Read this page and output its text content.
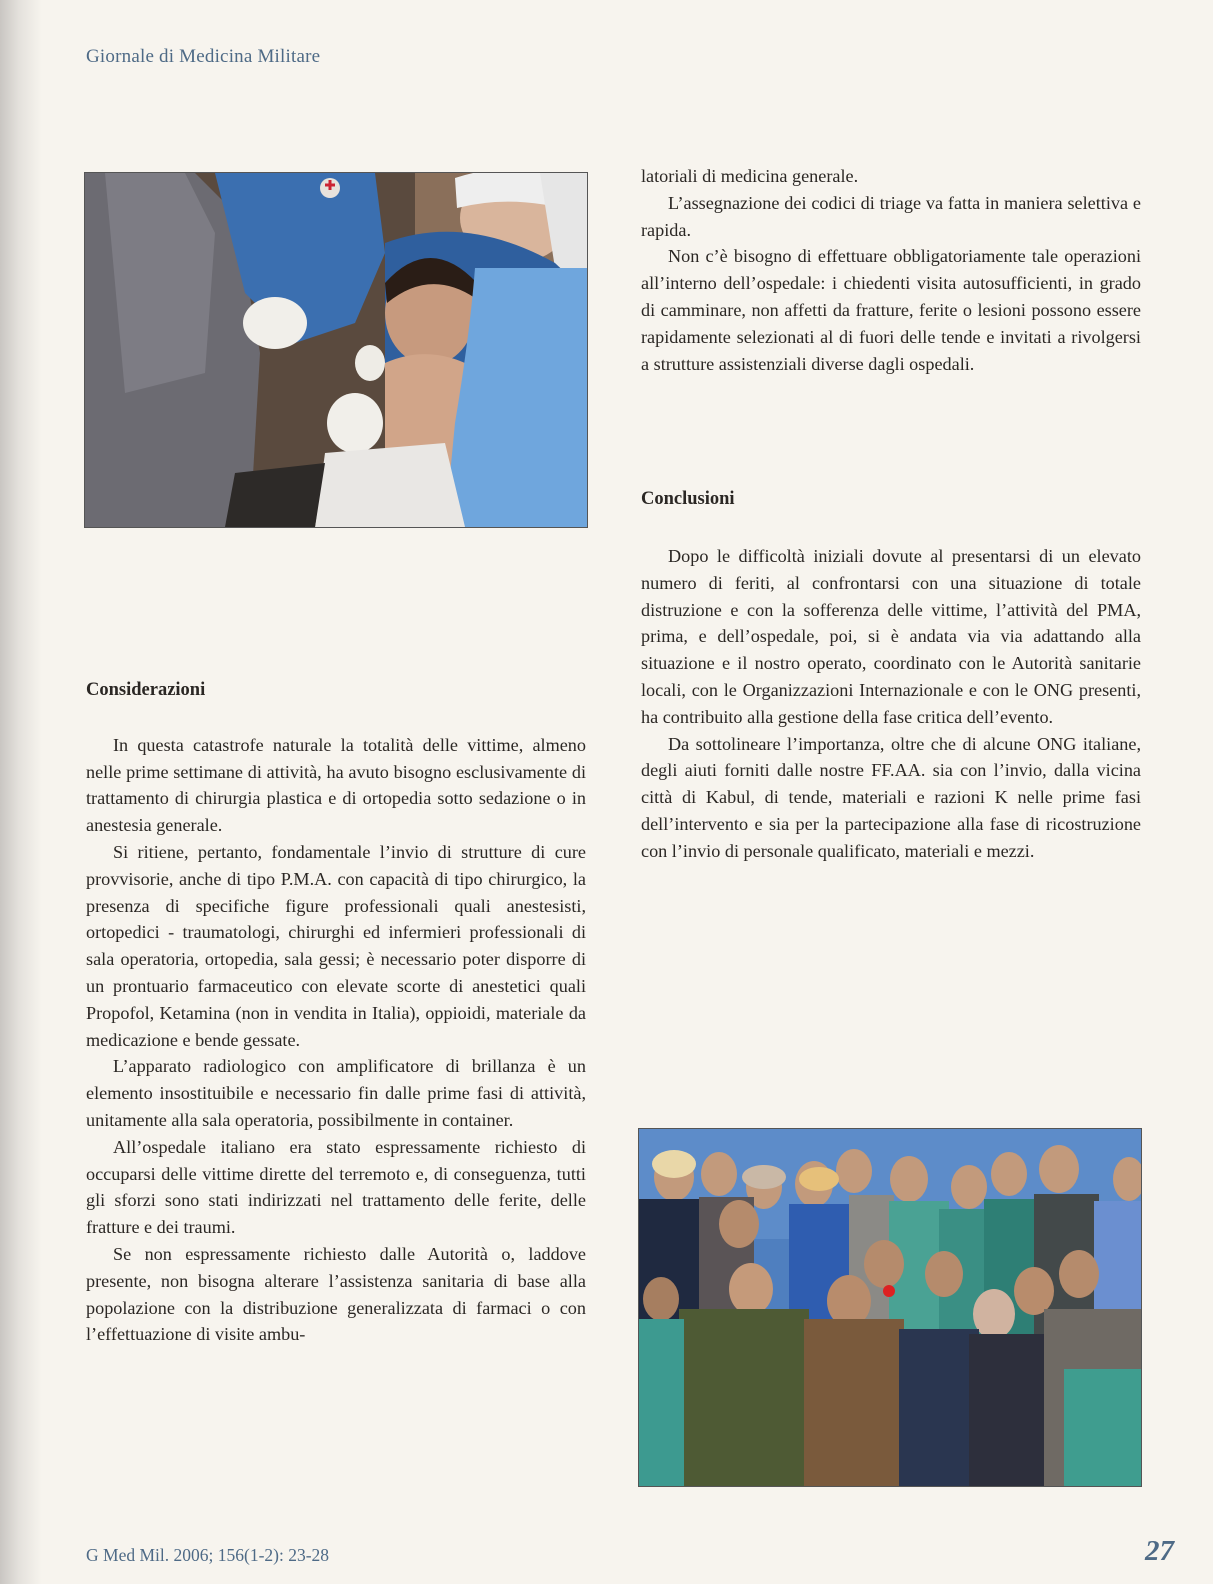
Giornale di Medicina Militare

latoriali di medicina generale.

L’assegnazione dei codici di triage va fatta in maniera selettiva e rapida.

Non c’è bisogno di effettuare obbligatoriamente tale operazioni all’interno dell’ospedale: i chiedenti visita autosufficienti, in grado di camminare, non affetti da fratture, ferite o lesioni possono essere rapidamente selezionati al di fuori delle tende e invitati a rivolgersi a strutture assistenziali diverse dagli ospedali.

Conclusioni

Dopo le difficoltà iniziali dovute al presentarsi di un elevato numero di feriti, al confrontarsi con una situazione di totale distruzione e con la sofferenza delle vittime, l’attività del PMA, prima, e dell’ospedale, poi, si è andata via via adattando alla situazione e il nostro operato, coordinato con le Autorità sanitarie locali, con le Organizzazioni Internazionale e con le ONG presenti, ha contribuito alla gestione della fase critica dell’evento.

Da sottolineare l’importanza, oltre che di alcune ONG italiane, degli aiuti forniti dalle nostre FF.AA. sia con l’invio, dalla vicina città di Kabul, di tende, materiali e razioni K nelle prime fasi dell’intervento e sia per la partecipazione alla fase di ricostruzione con l’invio di personale qualificato, materiali e mezzi.

Considerazioni

In questa catastrofe naturale la totalità delle vittime, almeno nelle prime settimane di attività, ha avuto bisogno esclusivamente di trattamento di chirurgia plastica e di ortopedia sotto sedazione o in anestesia generale.

Si ritiene, pertanto, fondamentale l’invio di strutture di cure provvisorie, anche di tipo P.M.A. con capacità di tipo chirurgico, la presenza di specifiche figure professionali quali anestesisti, ortopedici - traumatologi, chirurghi ed infermieri professionali di sala operatoria, ortopedia, sala gessi; è necessario poter disporre di un prontuario farmaceutico con elevate scorte di anestetici quali Propofol, Ketamina (non in vendita in Italia), oppioidi, materiale da medicazione e bende gessate.

L’apparato radiologico con amplificatore di brillanza è un elemento insostituibile e necessario fin dalle prime fasi di attività, unitamente alla sala operatoria, possibilmente in container.

All’ospedale italiano era stato espressamente richiesto di occuparsi delle vittime dirette del terremoto e, di conseguenza, tutti gli sforzi sono stati indirizzati nel trattamento delle ferite, delle fratture e dei traumi.

Se non espressamente richiesto dalle Autorità o, laddove presente, non bisogna alterare l’assistenza sanitaria di base alla popolazione con la distribuzione generalizzata di farmaci o con l’effettuazione di visite ambu-

G Med Mil. 2006; 156(1-2): 23-28	27
